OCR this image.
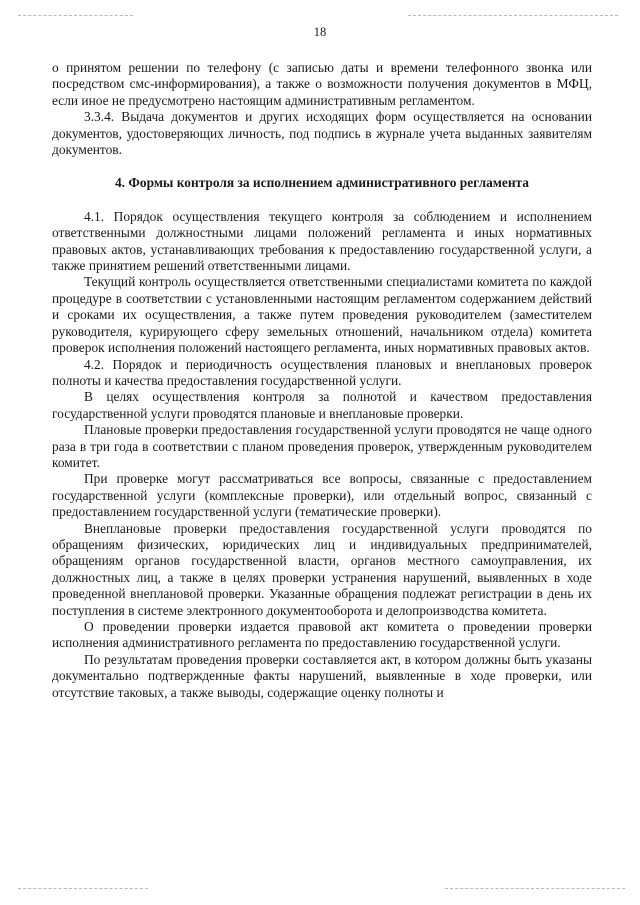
18

о принятом решении по телефону (с записью даты и времени телефонного звонка или посредством смс-информирования), а также о возможности получения документов в МФЦ, если иное не предусмотрено настоящим административным регламентом.

3.3.4. Выдача документов и других исходящих форм осуществляется на основании документов, удостоверяющих личность, под подпись в журнале учета выданных заявителям документов.

4. Формы контроля за исполнением административного регламента

4.1. Порядок осуществления текущего контроля за соблюдением и исполнением ответственными должностными лицами положений регламента и иных нормативных правовых актов, устанавливающих требования к предоставлению государственной услуги, а также принятием решений ответственными лицами.

Текущий контроль осуществляется ответственными специалистами комитета по каждой процедуре в соответствии с установленными настоящим регламентом содержанием действий и сроками их осуществления, а также путем проведения руководителем (заместителем руководителя, курирующего сферу земельных отношений, начальником отдела) комитета проверок исполнения положений настоящего регламента, иных нормативных правовых актов.

4.2. Порядок и периодичность осуществления плановых и внеплановых проверок полноты и качества предоставления государственной услуги.

В целях осуществления контроля за полнотой и качеством предоставления государственной услуги проводятся плановые и внеплановые проверки.

Плановые проверки предоставления государственной услуги проводятся не чаще одного раза в три года в соответствии с планом проведения проверок, утвержденным руководителем комитет.

При проверке могут рассматриваться все вопросы, связанные с предоставлением государственной услуги (комплексные проверки), или отдельный вопрос, связанный с предоставлением государственной услуги (тематические проверки).

Внеплановые проверки предоставления государственной услуги проводятся по обращениям физических, юридических лиц и индивидуальных предпринимателей, обращениям органов государственной власти, органов местного самоуправления, их должностных лиц, а также в целях проверки устранения нарушений, выявленных в ходе проведенной внеплановой проверки. Указанные обращения подлежат регистрации в день их поступления в системе электронного документооборота и делопроизводства комитета.

О проведении проверки издается правовой акт комитета о проведении проверки исполнения административного регламента по предоставлению государственной услуги.

По результатам проведения проверки составляется акт, в котором должны быть указаны документально подтвержденные факты нарушений, выявленные в ходе проверки, или отсутствие таковых, а также выводы, содержащие оценку полноты и
